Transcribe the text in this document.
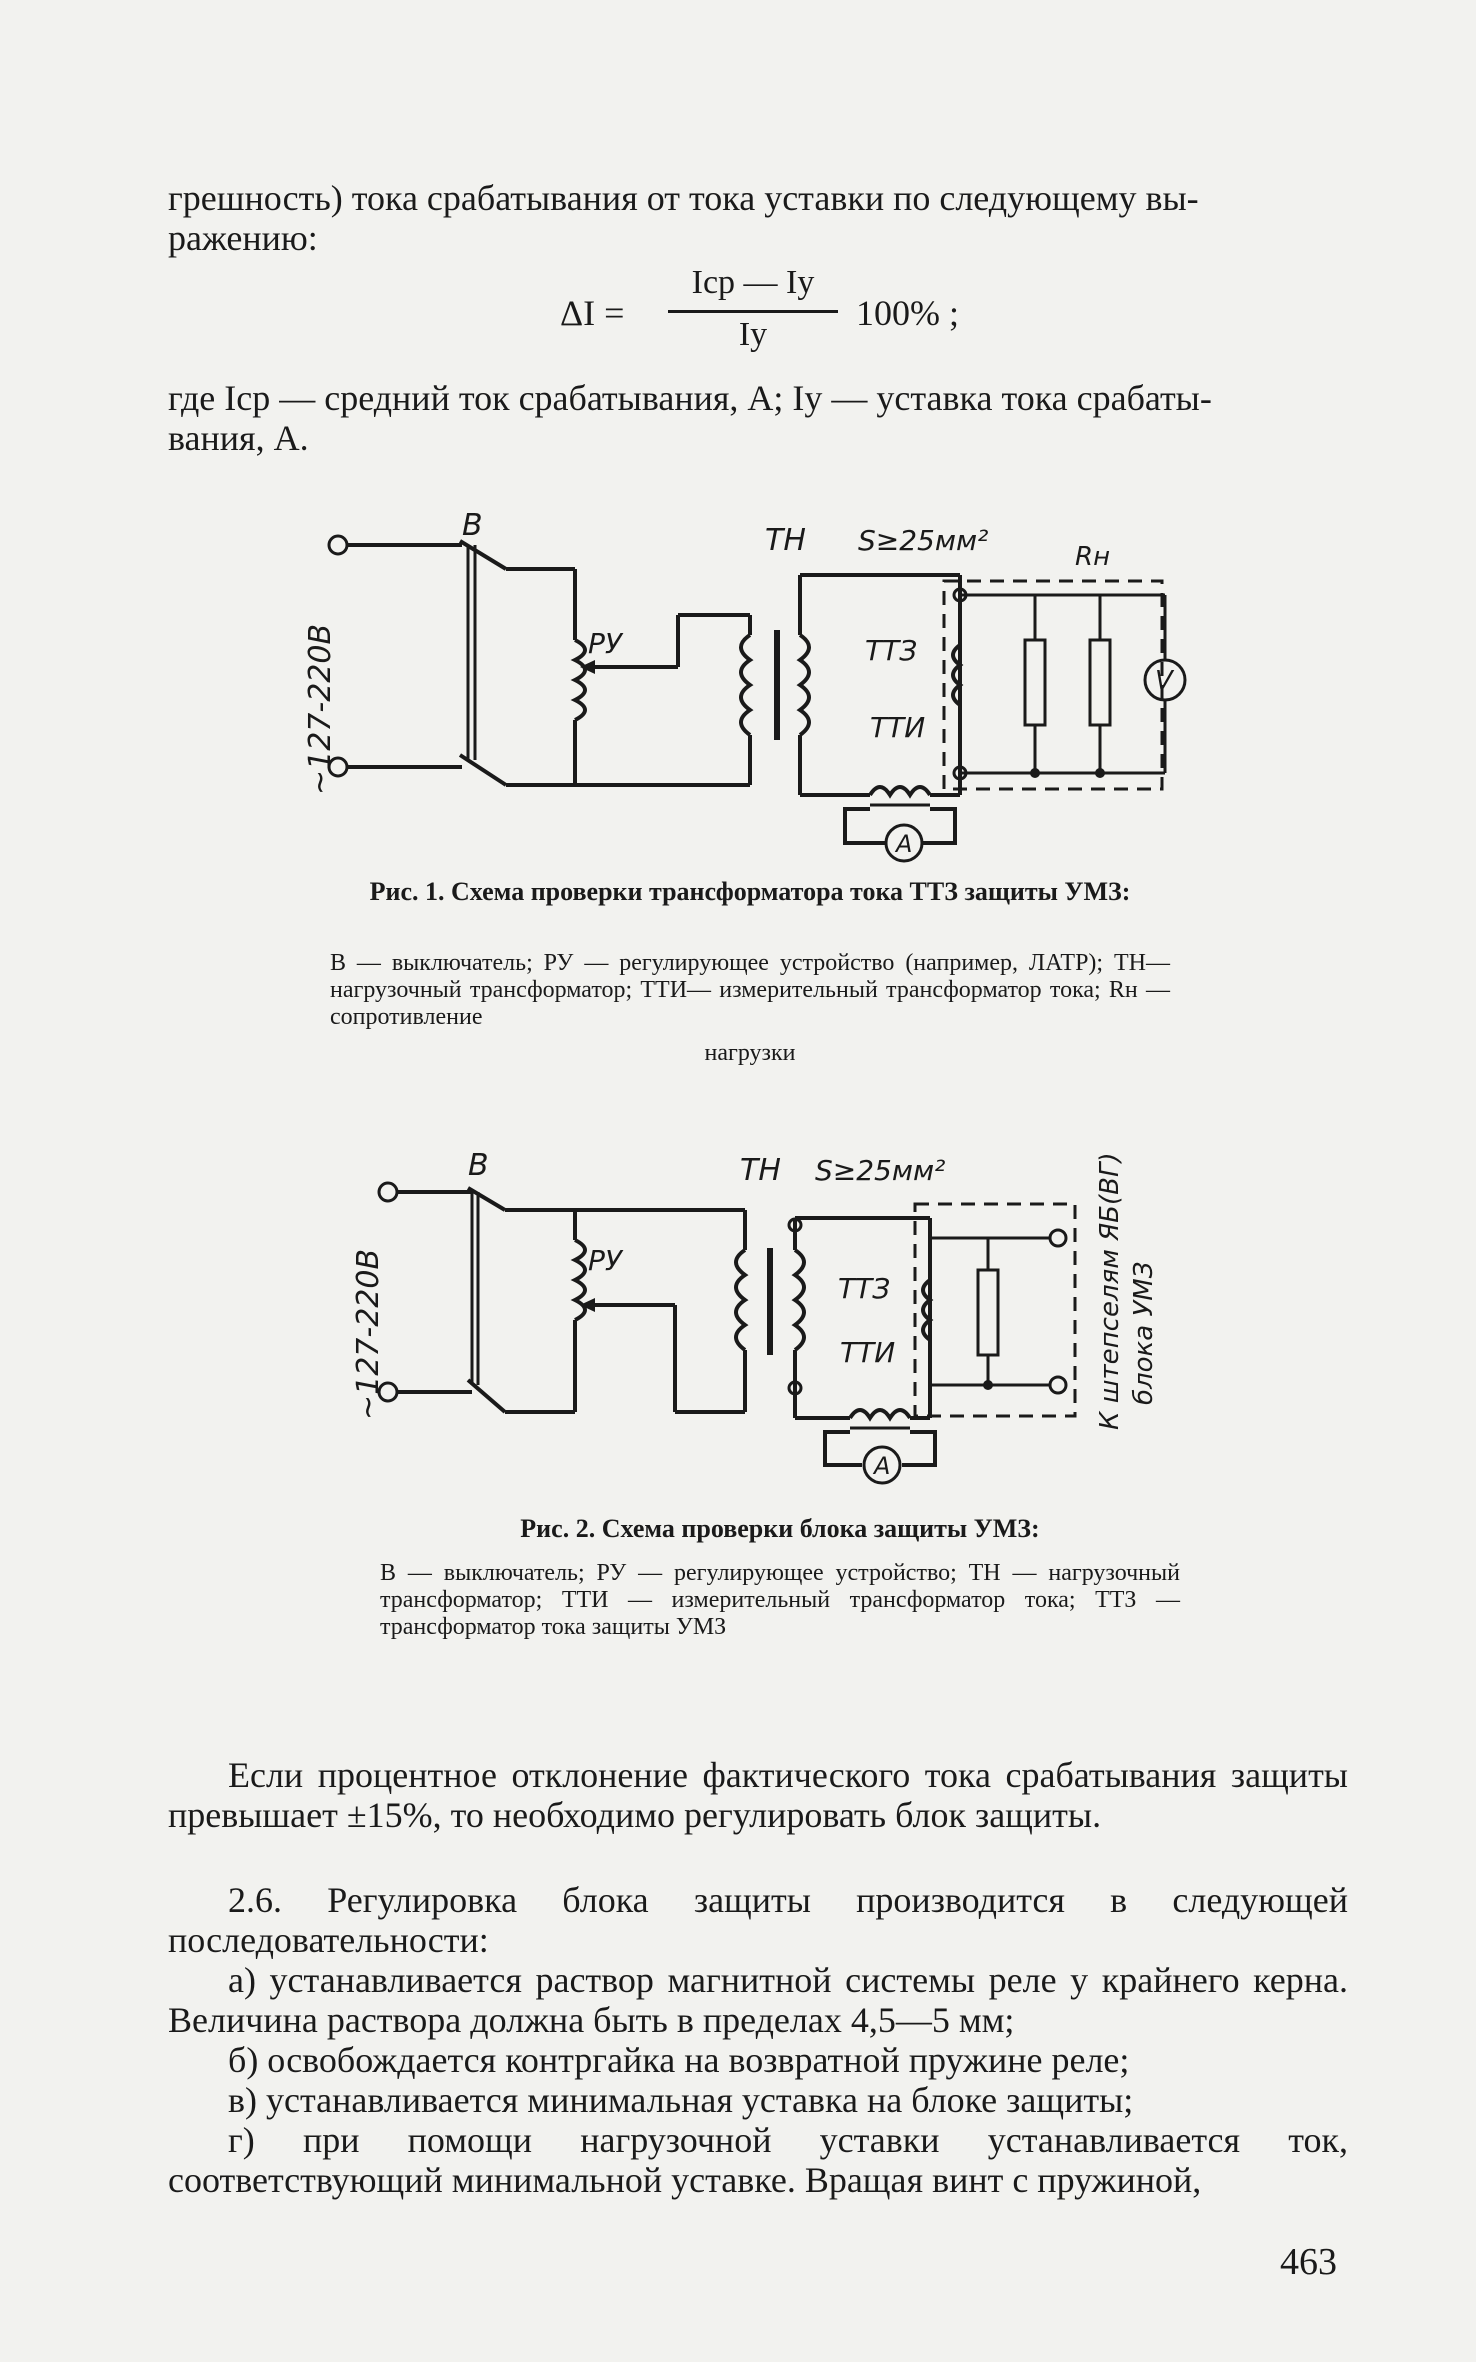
грешность) тока срабатывания от тока уставки по следующему вы-
ражению:
ΔI =
Iср — Iу
Iу
100% ;
где Iср — средний ток срабатывания, А; Iу — уставка тока срабаты-
вания, А.
В
~127-220В	РУ
ТН S≥25мм²
ТТЗ
ТТИ
Rн
V
А
Рис. 1. Схема проверки трансформатора тока ТТЗ защиты УМЗ:
В — выключатель; РУ — регулирующее устройство (например, ЛАТР); ТН—нагрузочный трансформатор; ТТИ— измерительный трансформатор тока; Rн — сопротивление
нагрузки
В
~127-220В	РУ
ТН S≥25мм²
ТТЗ
ТТИ
А
К штепселям ЯБ(ВГ) блока УМЗ
Рис. 2. Схема проверки блока защиты УМЗ:
В — выключатель; РУ — регулирующее устройство; ТН — нагрузочный трансформатор; ТТИ — измерительный трансформатор тока; ТТЗ — трансформатор тока защиты УМЗ
Если процентное отклонение фактического тока срабатывания защиты превышает ±15%, то необходимо регулировать блок защиты.
2.6. Регулировка блока защиты производится в следующей последовательности:
а) устанавливается раствор магнитной системы реле у крайнего керна. Величина раствора должна быть в пределах 4,5—5 мм;
б) освобождается контргайка на возвратной пружине реле;
в) устанавливается минимальная уставка на блоке защиты;
г) при помощи нагрузочной уставки устанавливается ток, соответствующий минимальной уставке. Вращая винт с пружиной,
463
